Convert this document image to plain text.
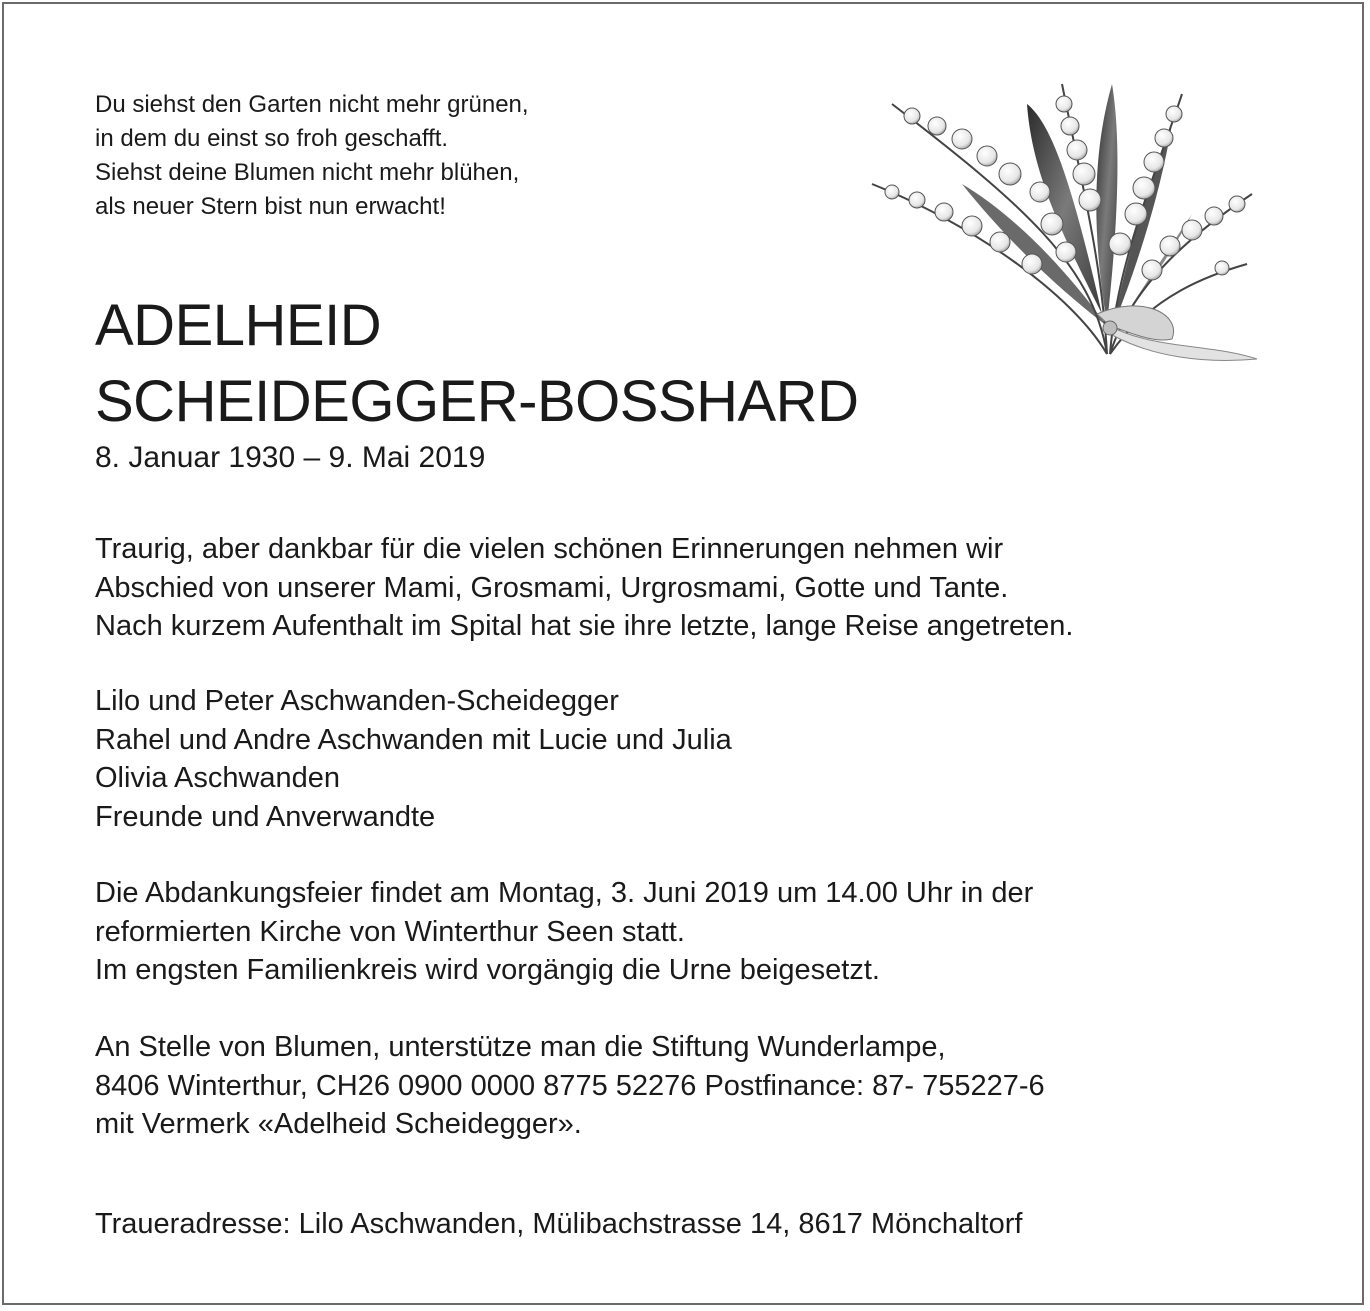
Du siehst den Garten nicht mehr grünen,
in dem du einst so froh geschafft.
Siehst deine Blumen nicht mehr blühen,
als neuer Stern bist nun erwacht!
ADELHEID
SCHEIDEGGER-BOSSHARD
8. Januar 1930 – 9. Mai 2019
Traurig, aber dankbar für die vielen schönen Erinnerungen nehmen wir
Abschied von unserer Mami, Grosmami, Urgrosmami, Gotte und Tante.
Nach kurzem Aufenthalt im Spital hat sie ihre letzte, lange Reise angetreten.
Lilo und Peter Aschwanden-Scheidegger
Rahel und Andre Aschwanden mit Lucie und Julia
Olivia Aschwanden
Freunde und Anverwandte
Die Abdankungsfeier findet am Montag, 3. Juni 2019 um 14.00 Uhr in der
reformierten Kirche von Winterthur Seen statt.
Im engsten Familienkreis wird vorgängig die Urne beigesetzt.
An Stelle von Blumen, unterstütze man die Stiftung Wunderlampe,
8406 Winterthur, CH26 0900 0000 8775 52276 Postfinance: 87- 755227-6
mit Vermerk «Adelheid Scheidegger».
Traueradresse: Lilo Aschwanden, Mülibachstrasse 14, 8617 Mönchaltorf
